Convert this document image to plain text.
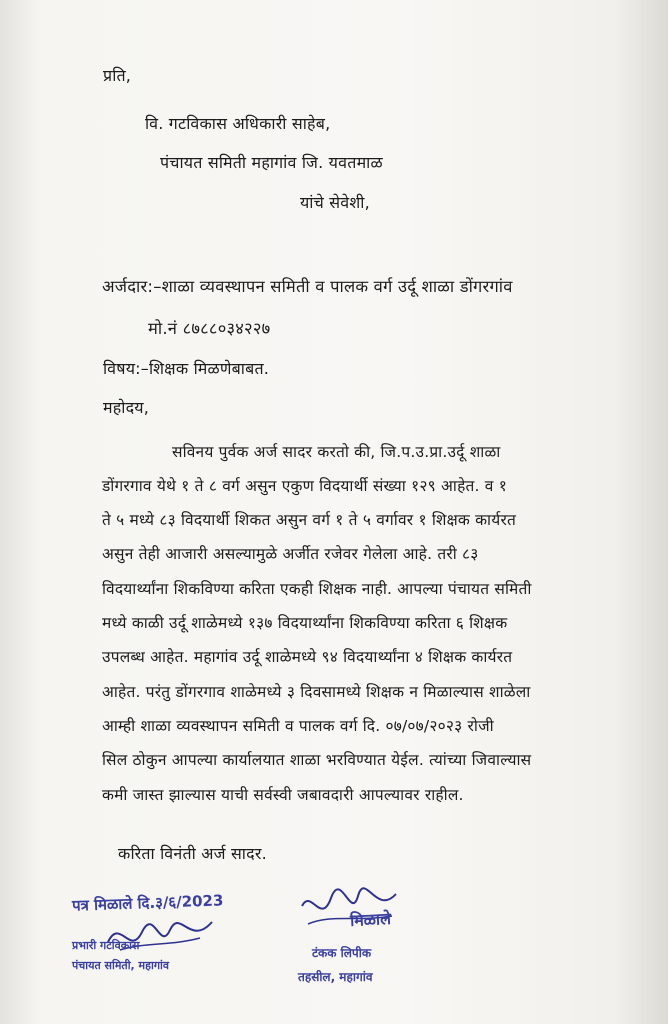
प्रति,
वि. गटविकास अधिकारी साहेब,
पंचायत समिती महागांव जि. यवतमाळ
यांचे सेवेशी,
अर्जदार:–शाळा व्यवस्थापन समिती व पालक वर्ग उर्दू शाळा डोंगरगांव
मो.नं ८७८८०३४२२७
विषय:–शिक्षक मिळणेबाबत.
महोदय,
सविनय पुर्वक अर्ज सादर करतो की, जि.प.उ.प्रा.उर्दू शाळा
डोंगरगाव येथे १ ते ८ वर्ग असुन एकुण विदयार्थी संख्या १२९ आहेत. व १
ते ५ मध्ये ८३ विदयार्थी शिकत असुन वर्ग १ ते ५ वर्गावर १ शिक्षक कार्यरत
असुन तेही आजारी असल्यामुळे अर्जीत रजेवर गेलेला आहे. तरी ८३
विदयार्थ्यांना शिकविण्या करिता एकही शिक्षक नाही. आपल्या पंचायत समिती
मध्ये काळी उर्दू शाळेमध्ये १३७ विदयार्थ्यांना शिकविण्या करिता ६ शिक्षक
उपलब्ध आहेत. महागांव उर्दू शाळेमध्ये ९४ विदयार्थ्यांना ४ शिक्षक कार्यरत
आहेत. परंतु डोंगरगाव शाळेमध्ये ३ दिवसामध्ये शिक्षक न मिळाल्यास शाळेला
आम्ही शाळा व्यवस्थापन समिती व पालक वर्ग दि. ०७/०७/२०२३ रोजी
सिल ठोकुन आपल्या कार्यालयात शाळा भरविण्यात येईल. त्यांच्या जिवाल्यास
कमी जास्त झाल्यास याची सर्वस्वी जबावदारी आपल्यावर राहील.
करिता विनंती अर्ज सादर.
पत्र मिळाले दि.३/६/2023
प्रभारी गटविकास
पंचायत समिती, महागांव
मिळाले
टंकक लिपीक
तहसील, महागांव
